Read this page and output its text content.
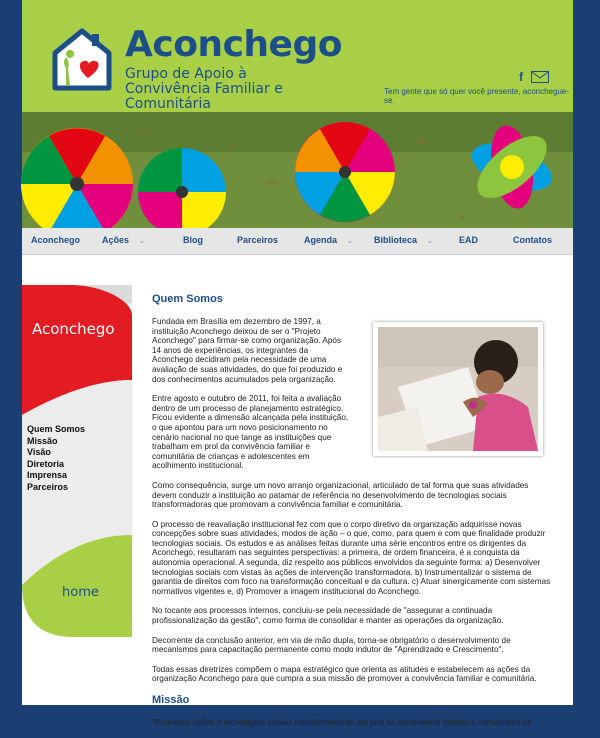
Aconchego
Grupo de Apoio à Convivência Familiar e Comunitária
f
Tem gente que só quer você presente, aconchegue-se.
Aconchego Ações ⌄	Blog	Parceiros	Agenda ⌄ Biblioteca ⌄	EAD	Contatos
Aconchego
Quem Somos
Missão
Visão
Diretoria
Imprensa
Parceiros
home
Quem Somos

Fundada em Brasília em dezembro de 1997, a instituição Aconchego deixou de ser o "Projeto Aconchego" para firmar-se como organização. Após 14 anos de experiências, os integrantes da Aconchego decidiram pela necessidade de uma avaliação de suas atividades, do que foi produzido e dos conhecimentos acumulados pela organização.

Entre agosto e outubro de 2011, foi feita a avaliação dentro de um processo de planejamento estratégico. Ficou evidente a dimensão alcançada pela instituição, o que apontou para um novo posicionamento no cenário nacional no que tange as instituições que trabalham em prol da convivência familiar e comunitária de crianças e adolescentes em acolhimento institucional.

Como consequência, surge um novo arranjo organizacional, articulado de tal forma que suas atividades devem conduzir a instituição ao patamar de referência no desenvolvimento de tecnologias sociais transformadoras que promovam a convivência familiar e comunitária.

O processo de reavaliação institucional fez com que o corpo diretivo da organização adquirisse novas concepções sobre suas atividades, modos de ação – o que, como, para quem e com que finalidade produzir tecnologias sociais. Os estudos e as análises feitas durante uma série encontros entre os dirigentes da Aconchego, resultaram nas seguintes perspectivas: a primeira, de ordem financeira, é a conquista da autonomia operacional. A segunda, diz respeito aos públicos envolvidos da seguinte forma: a) Desenvolver tecnologias sociais com vistas às ações de intervenção transformadora. b) Instrumentalizar o sistema de garantia de direitos com foco na transformação conceitual e da cultura. c) Atuar sinergicamente com sistemas normativos vigentes e, d) Promover a imagem institucional do Aconchego.

No tocante aos processos internos, concluiu-se pela necessidade de "assegurar a continuada profissionalização da gestão", como forma de consolidar e manter as operações da organização.

Decorrente da conclusão anterior, em via de mão dupla, torna-se obrigatório o desenvolvimento de mecanismos para capacitação permanente como modo indutor de "Aprendizado e Crescimento".

Todas essas diretrizes compõem o mapa estratégico que orienta as atitudes e estabelecem as ações da organização Aconchego para que cumpra a sua missão de promover a convivência familiar e comunitária.

Missão

"Promover ações e tecnologias sociais transformadoras em prol da convivência familiar e comunitária de
